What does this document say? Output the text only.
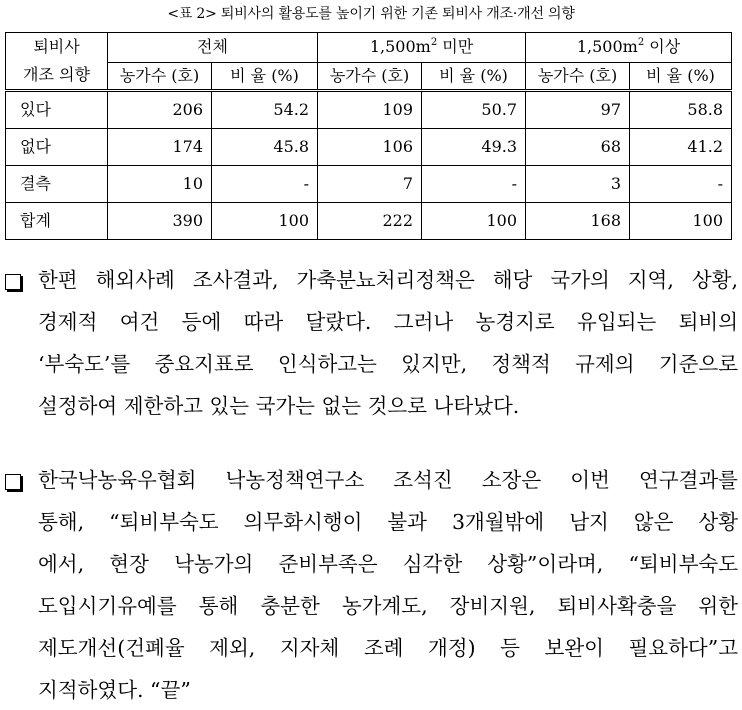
<표 2> 퇴비사의 활용도를 높이기 위한 기존 퇴비사 개조·개선 의향
퇴비사
개조 의향	전체		$1,500m^2$ 미만		$1,500m^2$ 이상	
	농가수 (호)	비 율 (%)	농가수 (호)	비 율 (%)	농가수 (호)	비 율 (%)
있다	206	54.2	109	50.7	97	58.8
없다	174	45.8	106	49.3	68	41.2
결측	10	-	7	-	3	-
합계	390	100	222	100	168	100
한편 해외사례 조사결과, 가축분뇨처리정책은 해당 국가의 지역, 상황,
경제적 여건 등에 따라 달랐다. 그러나 농경지로 유입되는 퇴비의
‘부숙도’를 중요지표로 인식하고는 있지만, 정책적 규제의 기준으로
설정하여 제한하고 있는 국가는 없는 것으로 나타났다.
한국낙농육우협회 낙농정책연구소 조석진 소장은 이번 연구결과를
통해, “퇴비부숙도 의무화시행이 불과 3개월밖에 남지 않은 상황
에서, 현장 낙농가의 준비부족은 심각한 상황”이라며, “퇴비부숙도
도입시기유예를 통해 충분한 농가계도, 장비지원, 퇴비사확충을 위한
제도개선(건폐율 제외, 지자체 조례 개정) 등 보완이 필요하다”고
지적하였다. “끝”
